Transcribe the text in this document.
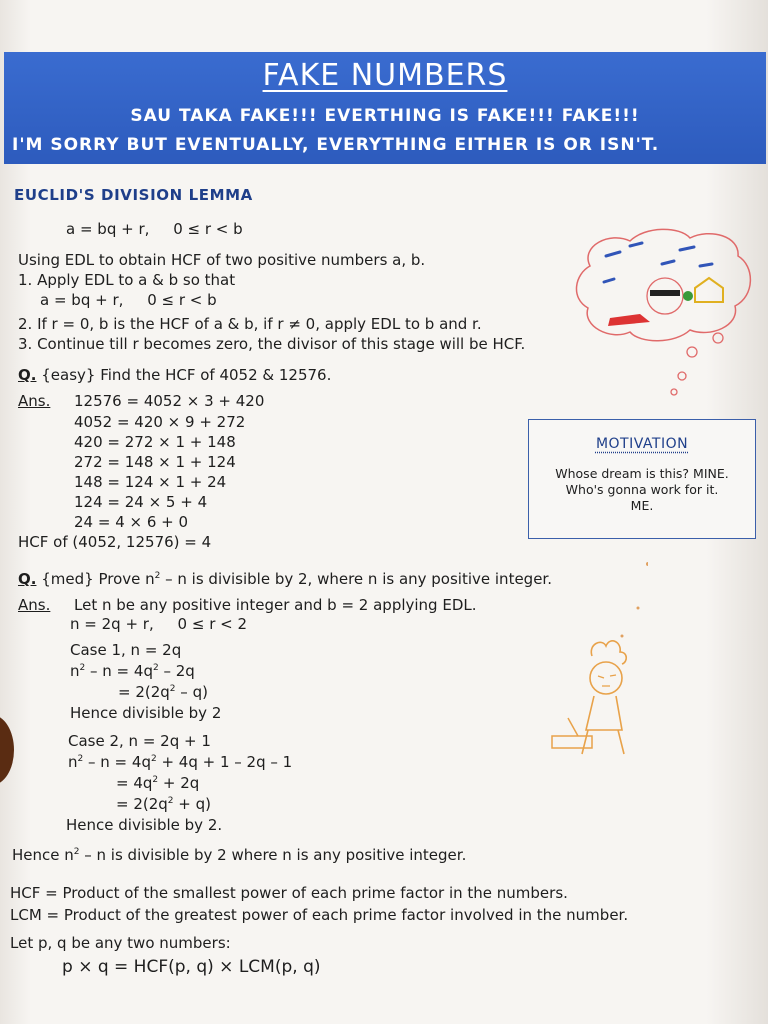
FAKE NUMBERS
SAU TAKA FAKE!!! EVERTHING IS FAKE!!! FAKE!!!
I'M SORRY BUT EVENTUALLY, EVERYTHING EITHER IS OR ISN'T.
EUCLID'S DIVISION LEMMA
a = bq + r,     0 ≤ r < b
Using EDL to obtain HCF of two positive numbers a, b.
1. Apply EDL to a & b so that
a = bq + r,     0 ≤ r < b
2. If r = 0, b is the HCF of a & b, if r ≠ 0, apply EDL to b and r.
3. Continue till r becomes zero, the divisor of this stage will be HCF.
Q. {easy} Find the HCF of 4052 & 12576.
Ans. 12576 = 4052 × 3 + 420
4052 = 420 × 9 + 272
420 = 272 × 1 + 148
272 = 148 × 1 + 124
148 = 124 × 1 + 24
124 = 24 × 5 + 4
24 = 4 × 6 + 0
HCF of (4052, 12576) = 4
MOTIVATION
Whose dream is this? MINE.
Who's gonna work for it.
ME.
Q. {med} Prove $n^2$ – n is divisible by 2, where n is any positive integer.
Ans. Let n be any positive integer and b = 2 applying EDL.
n = 2q + r,     0 ≤ r < 2
Case 1, n = 2q
$n^2 - n = 4q^2 - 2q$
= $2(2q^2 - q)$
Hence divisible by 2
Case 2, n = 2q + 1
$n^2 - n = 4q^2 + 4q + 1 - 2q - 1$
= $4q^2 + 2q$
= $2(2q^2 + q)$
Hence divisible by 2.
Hence $n^2$ – n is divisible by 2 where n is any positive integer.
HCF = Product of the smallest power of each prime factor in the numbers.
LCM = Product of the greatest power of each prime factor involved in the number.
Let p, q be any two numbers:
p × q = HCF(p, q) × LCM(p, q)
